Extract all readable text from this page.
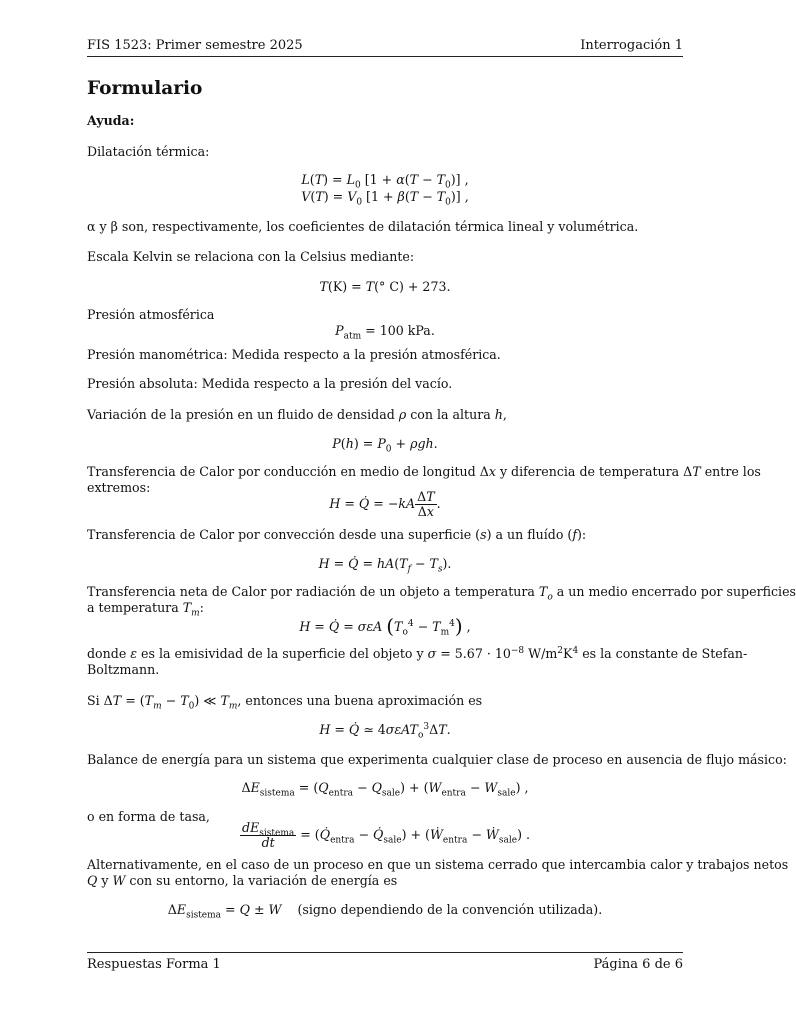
FIS 1523: Primer semestre 2025	Interrogación 1
Formulario
Ayuda:
Dilatación térmica:
$L(T) = L_0$ $[1 + \alpha(T - T_0)]$ ,
$V(T) = V_0$ $[1 + \beta(T - T_0)]$ ,
α y β son, respectivamente, los coeficientes de dilatación térmica lineal y volumétrica.
Escala Kelvin se relaciona con la Celsius mediante:
T(K) = T(° C) + 273.
Presión atmosférica
$P_{atm} = 100$ kPa.
Presión manométrica: Medida respecto a la presión atmosférica.
Presión absoluta: Medida respecto a la presión del vacío.
Variación de la presión en un fluido de densidad ρ con la altura h,
$P(h) = P_0 + \rho gh$.
Transferencia de Calor por conducción en medio de longitud Δx y diferencia de temperatura ΔT entre los
extremos:
H = Q̇ = $-kA \frac{\Delta T}{\Delta x}$ .
Transferencia de Calor por convección desde una superficie (s) a un fluído (f):
H = Q̇ = $hA(T_f - T_s)$.
Transferencia neta de Calor por radiación de un objeto a temperatura $T_o$ a un medio encerrado por superficies
a temperatura $T_m$:
H = Q̇ = σεA $(T_o^4 - T_m^4)$ ,
donde ε es la emisividad de la superficie del objeto y $\sigma = 5.67 \cdot 10^{-8}$ $W/m^2K^4$ es la constante de Stefan-
Boltzmann.
Si $\Delta T = (T_m - T_0)$ ≪ $T_m$, entonces una buena aproximación es
H = Q̇ ≃ 4σεAT$_o^3$ΔT.
Balance de energía para un sistema que experimenta cualquier clase de proceso en ausencia de flujo másico:
$\Delta E_{sistema} = (Q_{entra} - Q_{sale}) + (W_{entra} - W_{sale})$ ,
o en forma de tasa,
$\frac{dE_{sistema}}{dt}$ = ($Q̇_{entra}$ − $Q̇_{sale}$) + (Ẇ$_{entra}$ − Ẇ$_{sale}$) .
Alternativamente, en el caso de un proceso en que un sistema cerrado que intercambia calor y trabajos netos
Q y W con su entorno, la variación de energía es
$\Delta E_{sistema} = Q \pm W$ (signo dependiendo de la convención utilizada).
Respuestas Forma 1	Página 6 de 6
